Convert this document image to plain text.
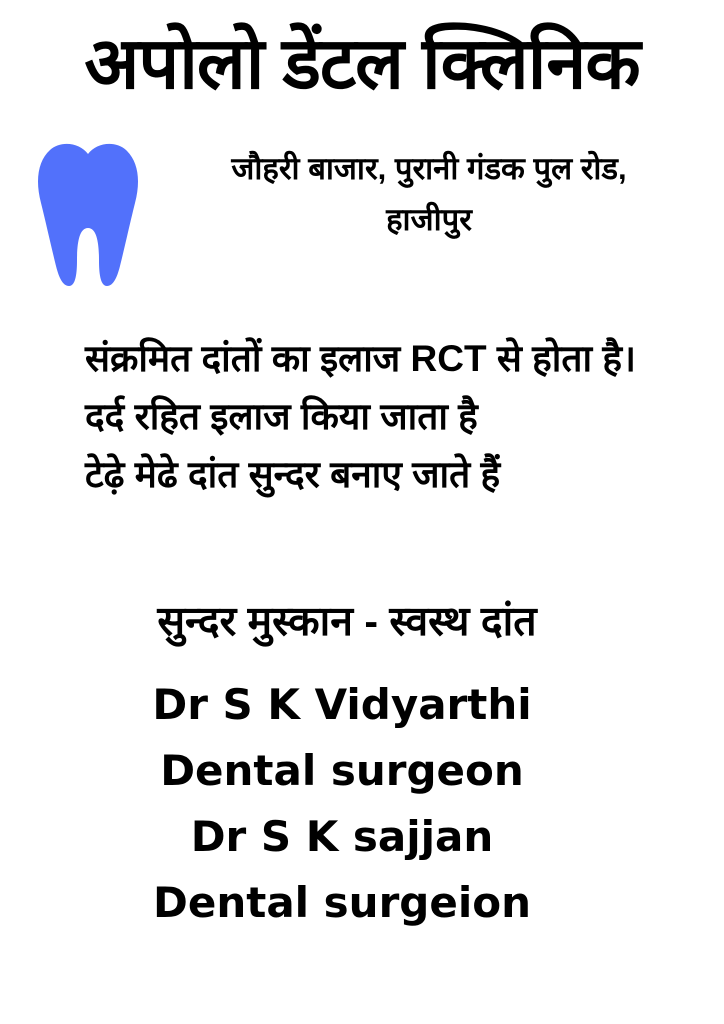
अपोलो डेंटल क्लिनिक
जौहरी बाजार, पुरानी गंडक पुल रोड,
हाजीपुर
संक्रमित दांतों का इलाज RCT से होता है।
दर्द रहित इलाज किया जाता है
टेढ़े मेढे दांत सुन्दर बनाए जाते हैं
सुन्दर मुस्कान - स्वस्थ दांत
Dr S K Vidyarthi
Dental surgeon
Dr S K sajjan
Dental surgeion
